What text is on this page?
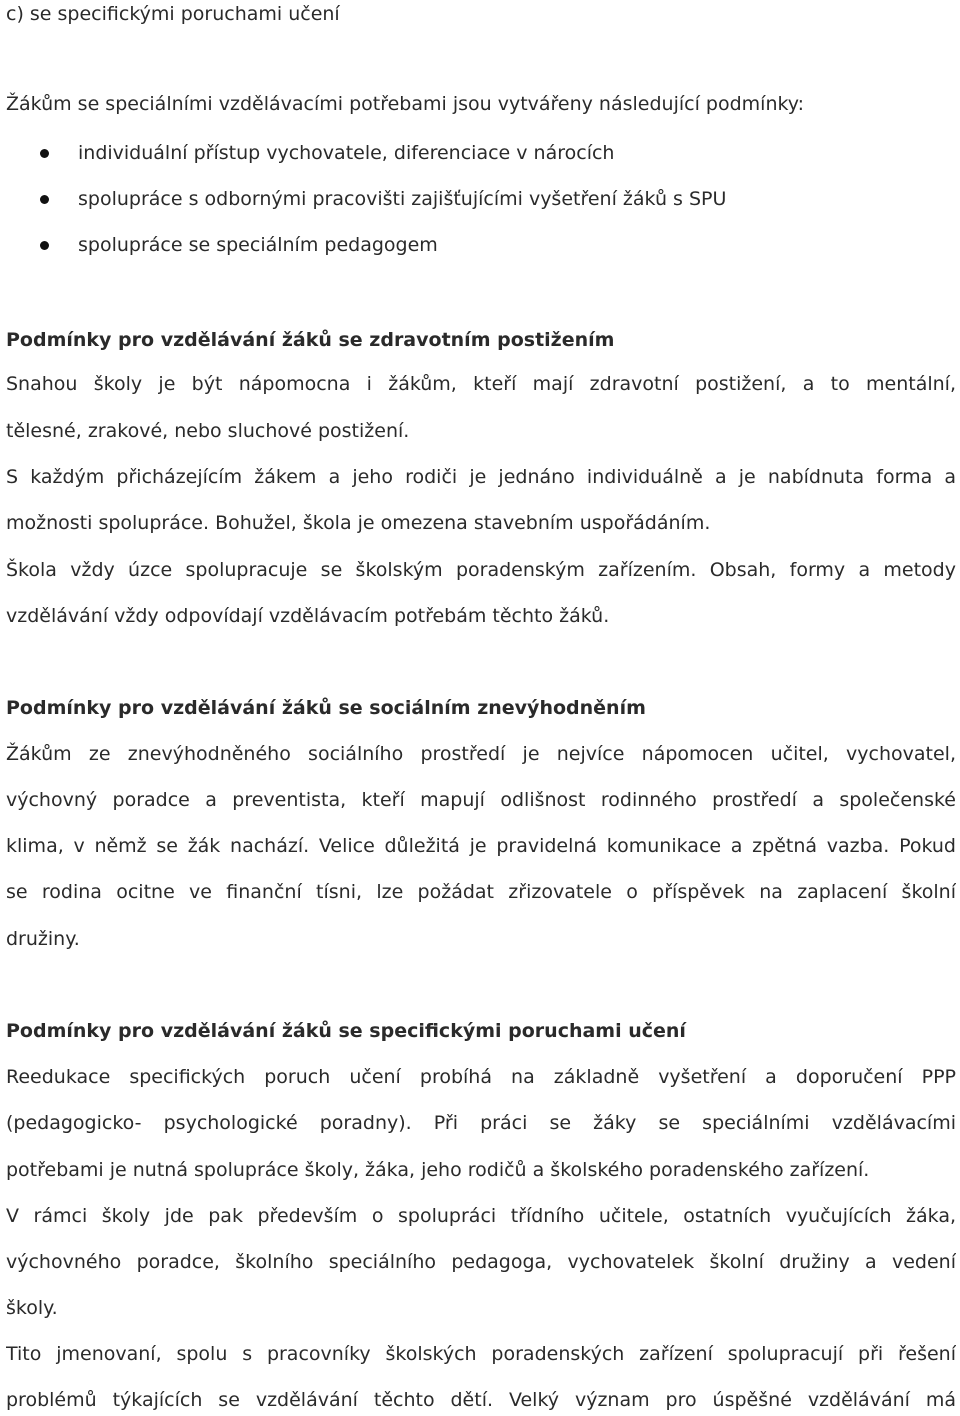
c) se specifickými poruchami učení
Žákům se speciálními vzdělávacími potřebami jsou vytvářeny následující podmínky:
individuální přístup vychovatele, diferenciace v nárocích
spolupráce s odbornými pracovišti zajišťujícími vyšetření žáků s SPU
spolupráce se speciálním pedagogem
Podmínky pro vzdělávání žáků se zdravotním postižením
Snahou školy je být nápomocna i žákům, kteří mají zdravotní postižení, a to mentální,
tělesné, zrakové, nebo sluchové postižení.
S každým přicházejícím žákem a jeho rodiči je jednáno individuálně a je nabídnuta forma a
možnosti spolupráce. Bohužel, škola je omezena stavebním uspořádáním.
Škola vždy úzce spolupracuje se školským poradenským zařízením. Obsah, formy a metody
vzdělávání vždy odpovídají vzdělávacím potřebám těchto žáků.
Podmínky pro vzdělávání žáků se sociálním znevýhodněním
Žákům ze znevýhodněného sociálního prostředí je nejvíce nápomocen učitel, vychovatel,
výchovný poradce a preventista, kteří mapují odlišnost rodinného prostředí a společenské
klima, v němž se žák nachází. Velice důležitá je pravidelná komunikace a zpětná vazba. Pokud
se rodina ocitne ve finanční tísni, lze požádat zřizovatele o příspěvek na zaplacení školní
družiny.
Podmínky pro vzdělávání žáků se specifickými poruchami učení
Reedukace specifických poruch učení probíhá na základně vyšetření a doporučení PPP
(pedagogicko- psychologické poradny). Při práci se žáky se speciálními vzdělávacími
potřebami je nutná spolupráce školy, žáka, jeho rodičů a školského poradenského zařízení.
V rámci školy jde pak především o spolupráci třídního učitele, ostatních vyučujících žáka,
výchovného poradce, školního speciálního pedagoga, vychovatelek školní družiny a vedení
školy.
Tito jmenovaní, spolu s pracovníky školských poradenských zařízení spolupracují při řešení
problémů týkajících se vzdělávání těchto dětí. Velký význam pro úspěšné vzdělávání má
